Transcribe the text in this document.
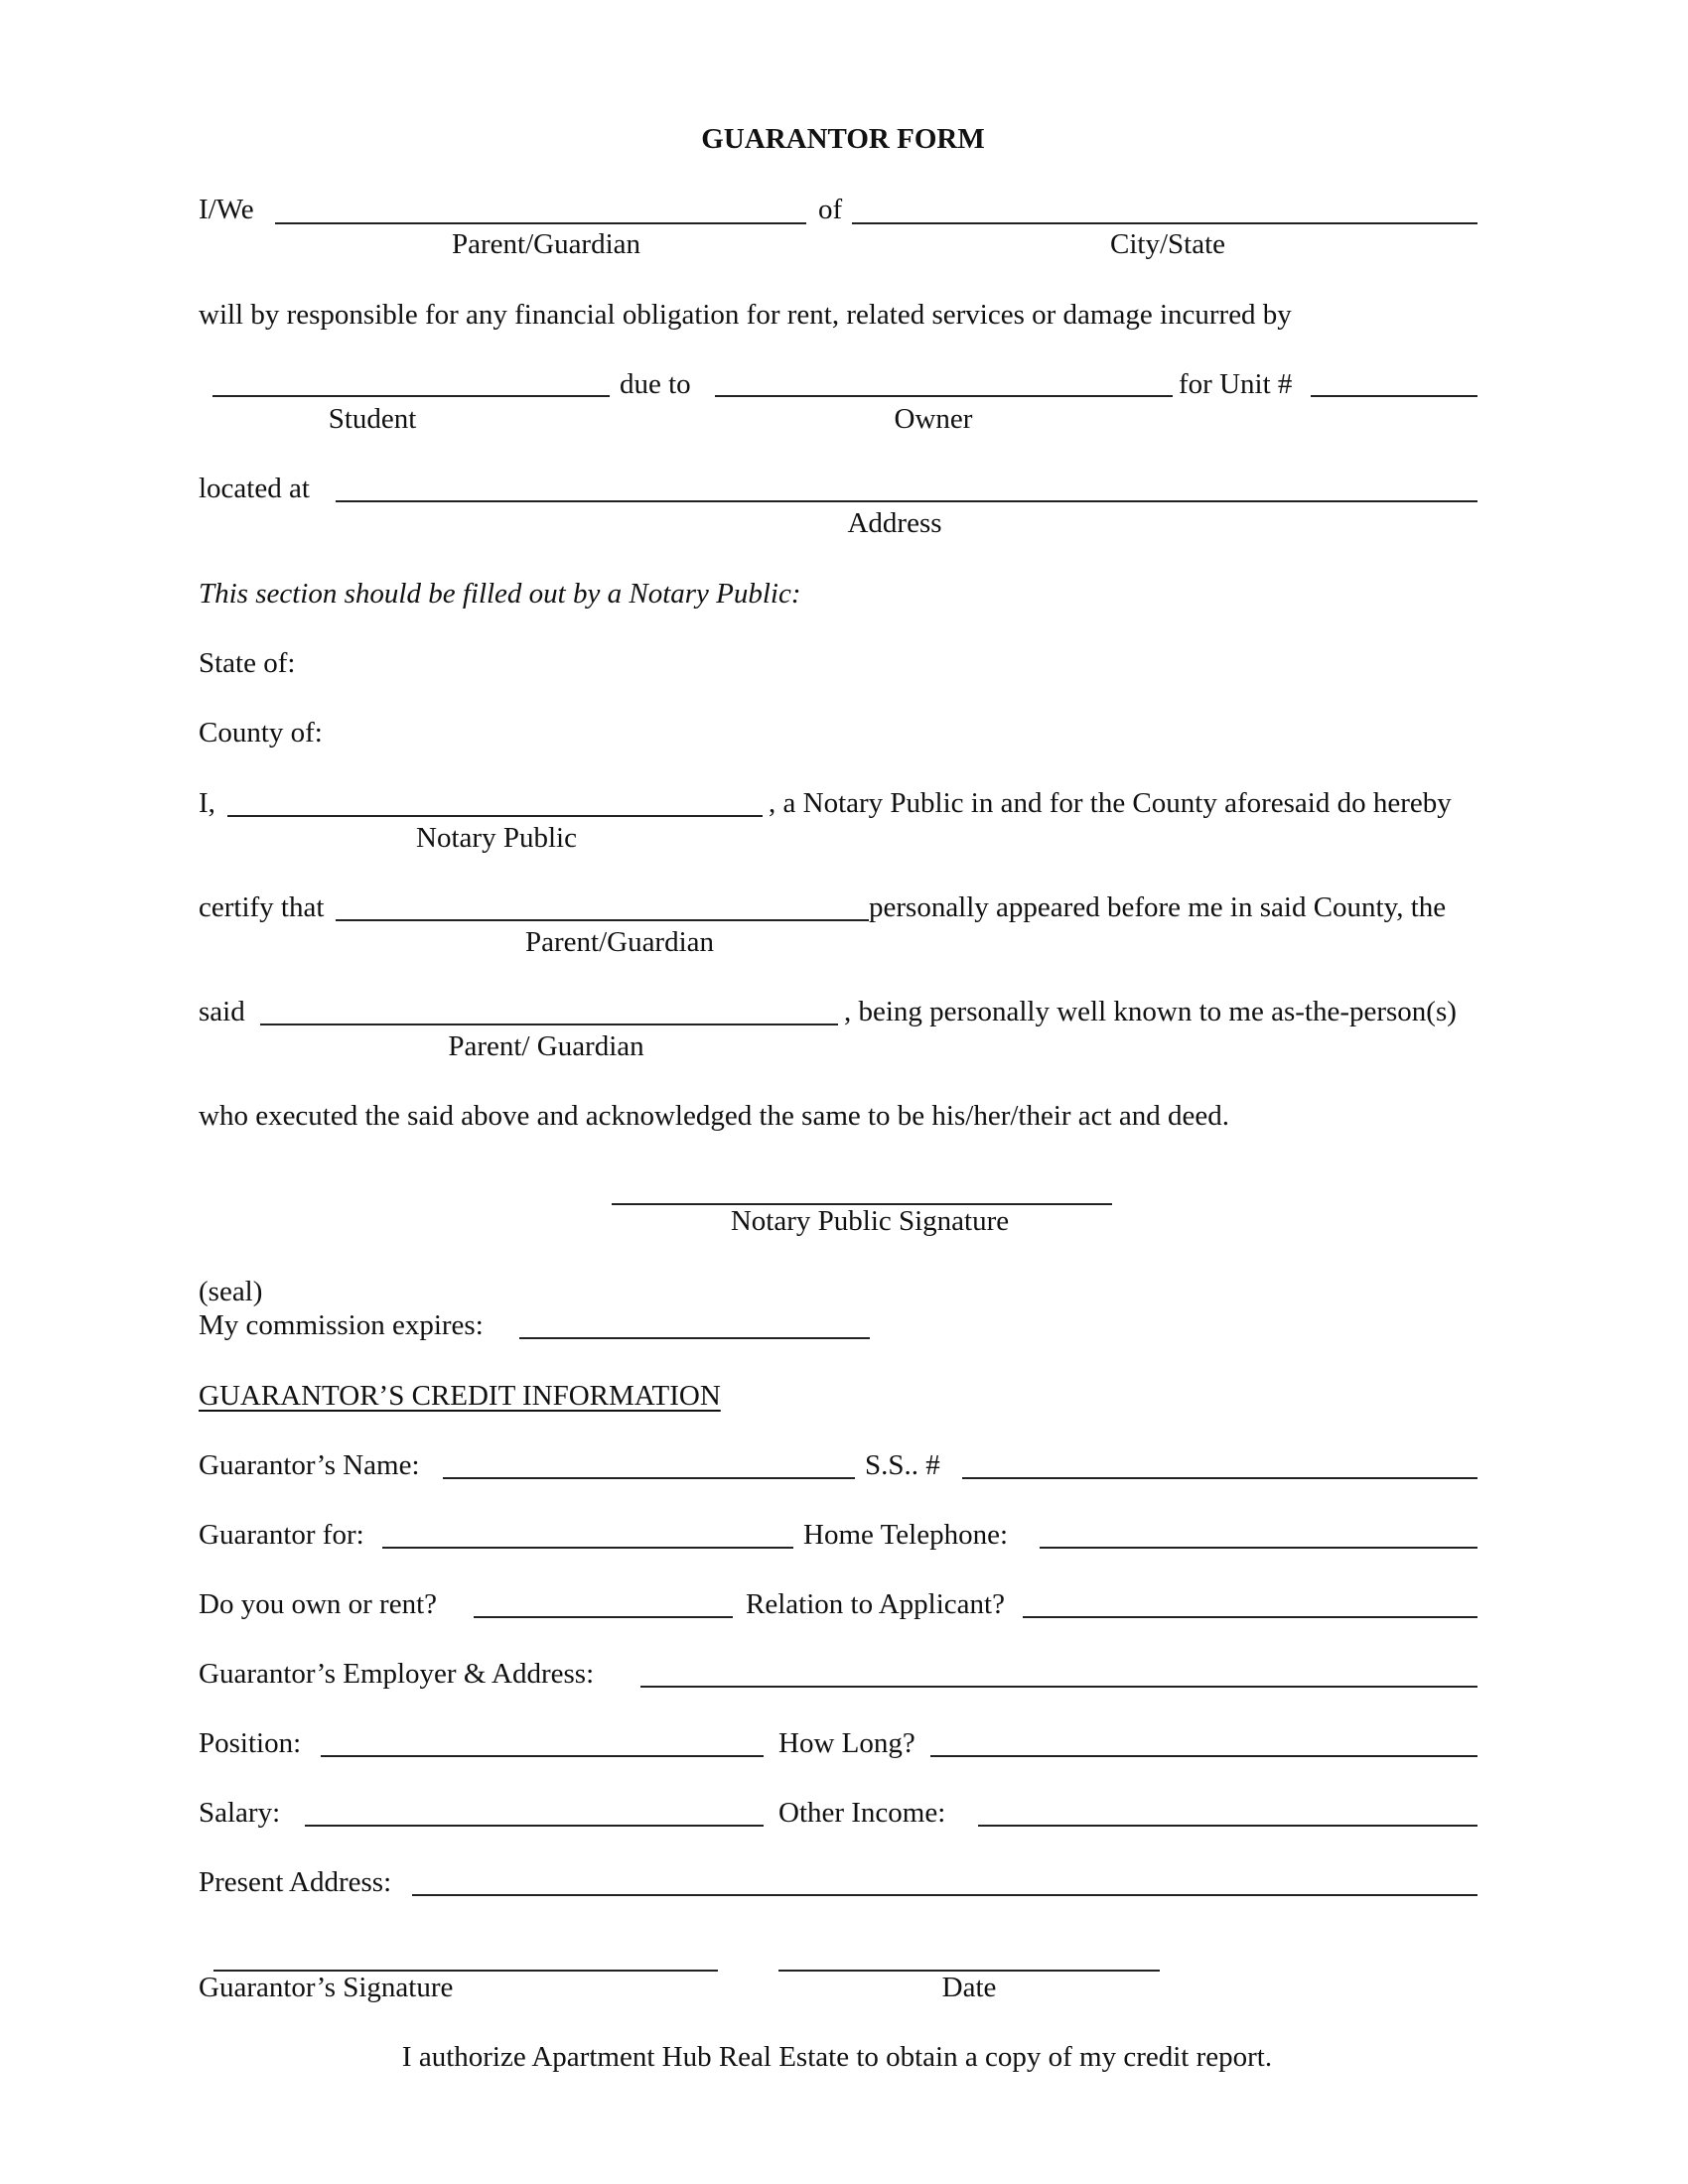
GUARANTOR FORM
I/We	of
Parent/Guardian	City/State
will by responsible for any financial obligation for rent, related services or damage incurred by
due to	for Unit #
Student	Owner
located at
Address
This section should be filled out by a Notary Public:
State of:
County of:
I,	, a Notary Public in and for the County aforesaid do hereby
Notary Public
certify that	personally appeared before me in said County, the
Parent/Guardian
said	, being personally well known to me as-the-person(s)
Parent/ Guardian
who executed the said above and acknowledged the same to be his/her/their act and deed.
Notary Public Signature
(seal)
My commission expires:
GUARANTOR’S CREDIT INFORMATION
Guarantor’s Name:	S.S.. #
Guarantor for:	Home Telephone:
Do you own or rent?	Relation to Applicant?
Guarantor’s Employer & Address:
Position:	How Long?
Salary:	Other Income:
Present Address:
Guarantor’s Signature	Date
I authorize Apartment Hub Real Estate to obtain a copy of my credit report.
